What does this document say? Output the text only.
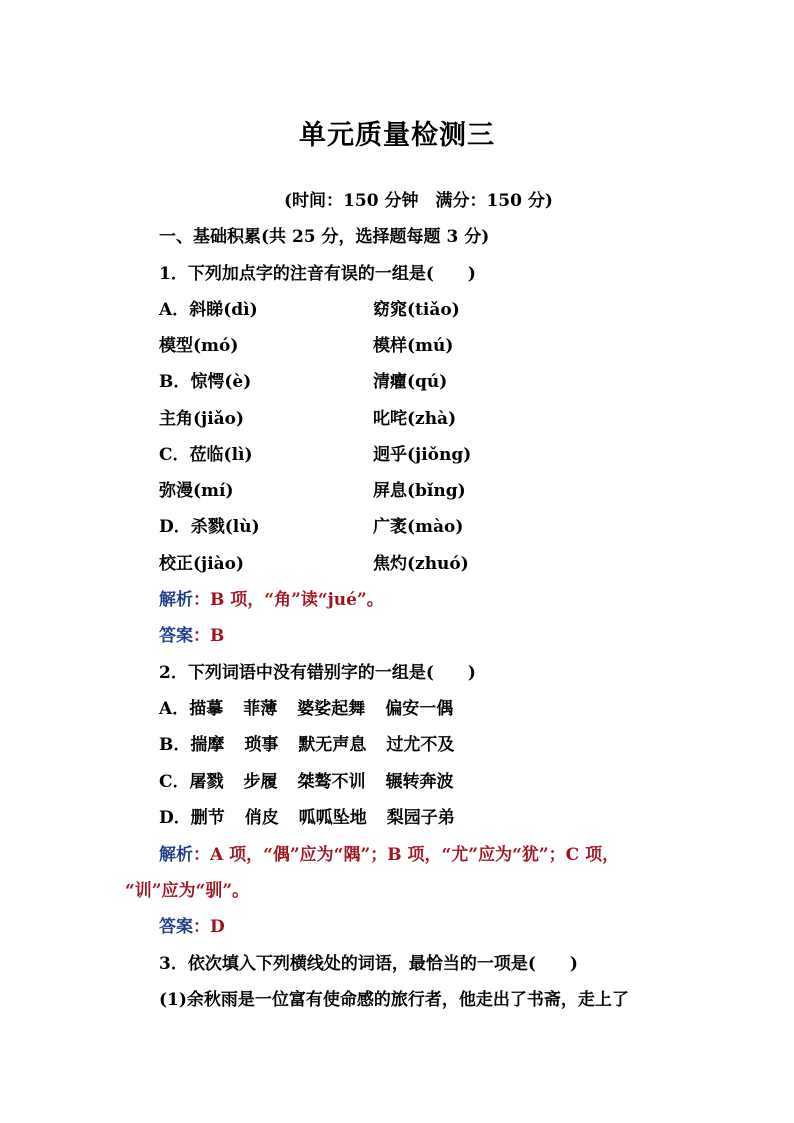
单元质量检测三
(时间：150 分钟　满分：150 分)
一、基础积累(共 25 分，选择题每题 3 分)
1．下列加点字的注音有误的一组是( )
A．斜睇(dì)	窈窕(tiǎo)
模型(mó)	模样(mú)
B．惊愕(è)	清癯(qú)
主角(jiǎo)	叱咤(zhà)
C．莅临(lì)	迥乎(jiǒng)
弥漫(mí)	屏息(bǐng)
D．杀戮(lù)	广袤(mào)
校正(jiào)	焦灼(zhuó)
解析：B 项，“角”读“jué”。
答案：B
2．下列词语中没有错别字的一组是( )
A．描摹 菲薄 婆娑起舞 偏安一偶
B．揣摩 琐事 默无声息 过尤不及
C．屠戮 步履 桀骜不训 辗转奔波
D．删节 俏皮 呱呱坠地 梨园子弟
解析：A 项，“偶”应为“隅”；B 项，“尤”应为“犹”；C 项，
“训”应为“驯”。
答案：D
3．依次填入下列横线处的词语，最恰当的一项是( )
(1)余秋雨是一位富有使命感的旅行者，他走出了书斋，走上了
